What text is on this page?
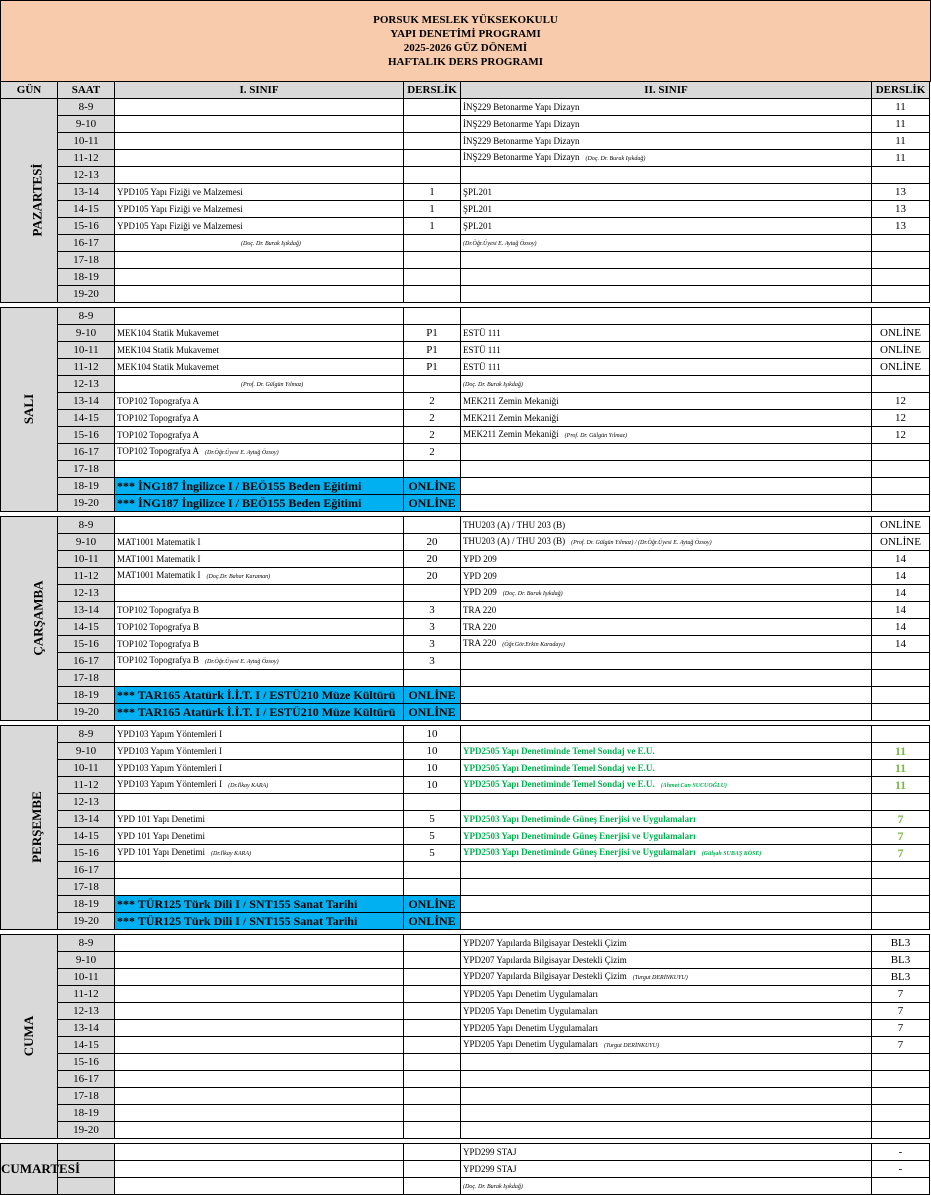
PORSUK MESLEK YÜKSEKOKULU
YAPI DENETİMİ PROGRAMI
2025-2026 GÜZ DÖNEMİ
HAFTALIK DERS PROGRAMI
GÜN	SAAT	I. SINIF	DERSLİK	II. SINIF	DERSLİK
PAZARTESİ	8-9			İNŞ229 Betonarme Yapı Dizayn	11
	9-10			İNŞ229 Betonarme Yapı Dizayn	11
	10-11			İNŞ229 Betonarme Yapı Dizayn	11
	11-12			İNŞ229 Betonarme Yapı Dizayn (Doç. Dr. Burak Işıkdağ)	11
	12-13				
	13-14	YPD105 Yapı Fiziği ve Malzemesi	1	ŞPL201	13
	14-15	YPD105 Yapı Fiziği ve Malzemesi	1	ŞPL201	13
	15-16	YPD105 Yapı Fiziği ve Malzemesi	1	ŞPL201	13
	16-17	(Doç. Dr. Burak Işıkdağ)		(Dr.Öğr.Üyesi E. Aytuğ Özsoy)	
	17-18				
	18-19				
	19-20				

SALI	8-9				
	9-10	MEK104 Statik Mukavemet	P1	ESTÜ 111	ONLİNE
	10-11	MEK104 Statik Mukavemet	P1	ESTÜ 111	ONLİNE
	11-12	MEK104 Statik Mukavemet	P1	ESTÜ 111	ONLİNE
	12-13	(Prof. Dr. Gülgün Yılmaz)		(Doç. Dr. Burak Işıkdağ)	
	13-14	TOP102 Topografya A	2	MEK211 Zemin Mekaniği	12
	14-15	TOP102 Topografya A	2	MEK211 Zemin Mekaniği	12
	15-16	TOP102 Topografya A	2	MEK211 Zemin Mekaniği (Prof. Dr. Gülgün Yılmaz)	12
	16-17	TOP102 Topografya A (Dr.Öğr.Üyesi E. Aytuğ Özsoy)	2		
	17-18				
	18-19	*** İNG187 İngilizce I / BEÖ155 Beden Eğitimi	ONLİNE		
	19-20	*** İNG187 İngilizce I / BEÖ155 Beden Eğitimi	ONLİNE		

ÇARŞAMBA	8-9			THU203 (A) / THU 203 (B)	ONLİNE
	9-10	MAT1001 Matematik I	20	THU203 (A) / THU 203 (B) (Prof. Dr. Gülgün Yılmaz) / (Dr.Öğr.Üyesi E. Aytuğ Özsoy)	ONLİNE
	10-11	MAT1001 Matematik I	20	YPD 209	14
	11-12	MAT1001 Matematik I (Doç.Dr. Bahar Karaman)	20	YPD 209	14
	12-13			YPD 209 (Doç. Dr. Burak Işıkdağ)	14
	13-14	TOP102 Topografya B	3	TRA 220	14
	14-15	TOP102 Topografya B	3	TRA 220	14
	15-16	TOP102 Topografya B	3	TRA 220 (Öğr.Gör.Erkin Karadayı)	14
	16-17	TOP102 Topografya B (Dr.Öğr.Üyesi E. Aytuğ Özsoy)	3		
	17-18				
	18-19	*** TAR165 Atatürk İ.İ.T. I / ESTÜ210 Müze Kültürü	ONLİNE		
	19-20	*** TAR165 Atatürk İ.İ.T. I / ESTÜ210 Müze Kültürü	ONLİNE		

PERŞEMBE	8-9	YPD103 Yapım Yöntemleri I	10		
	9-10	YPD103 Yapım Yöntemleri I	10	YPD2505 Yapı Denetiminde Temel Sondaj ve E.U.	11
	10-11	YPD103 Yapım Yöntemleri I	10	YPD2505 Yapı Denetiminde Temel Sondaj ve E.U.	11
	11-12	YPD103 Yapım Yöntemleri I (Dr.İlkay KARA)	10	YPD2505 Yapı Denetiminde Temel Sondaj ve E.U. (Ahmet Can SUCUOĞLU)	11
	12-13				
	13-14	YPD 101 Yapı Denetimi	5	YPD2503 Yapı Denetiminde Güneş Enerjisi ve Uygulamaları	7
	14-15	YPD 101 Yapı Denetimi	5	YPD2503 Yapı Denetiminde Güneş Enerjisi ve Uygulamaları	7
	15-16	YPD 101 Yapı Denetimi (Dr.İlkay KARA)	5	YPD2503 Yapı Denetiminde Güneş Enerjisi ve Uygulamaları (Gülşah SUBAŞ KÖSE)	7
	16-17				
	17-18				
	18-19	*** TÜR125 Türk Dili I / SNT155 Sanat Tarihi	ONLİNE		
	19-20	*** TÜR125 Türk Dili I / SNT155 Sanat Tarihi	ONLİNE		

CUMA	8-9			YPD207 Yapılarda Bilgisayar Destekli Çizim	BL3
	9-10			YPD207 Yapılarda Bilgisayar Destekli Çizim	BL3
	10-11			YPD207 Yapılarda Bilgisayar Destekli Çizim (Turgut DERİNKUYU)	BL3
	11-12			YPD205 Yapı Denetim Uygulamaları	7
	12-13			YPD205 Yapı Denetim Uygulamaları	7
	13-14			YPD205 Yapı Denetim Uygulamaları	7
	14-15			YPD205 Yapı Denetim Uygulamaları (Turgut DERİNKUYU)	7
	15-16				
	16-17				
	17-18				
	18-19				
	19-20				

CUMARTESİ				YPD299 STAJ	-
				YPD299 STAJ	-
				(Doç. Dr. Burak Işıkdağ)	
